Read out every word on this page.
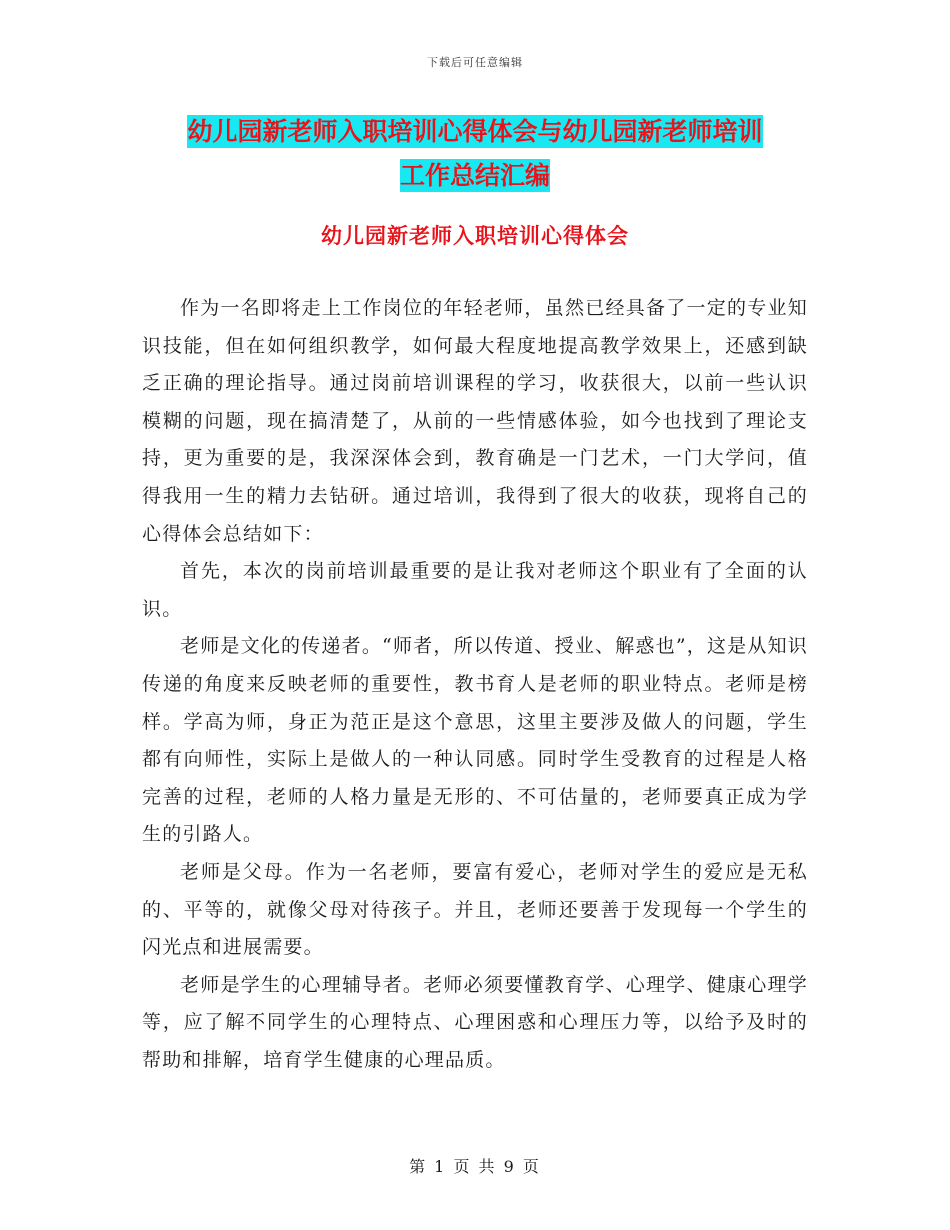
下载后可任意编辑
幼儿园新老师入职培训心得体会与幼儿园新老师培训
工作总结汇编
幼儿园新老师入职培训心得体会

作为一名即将走上工作岗位的年轻老师，虽然已经具备了一定的专业知识技能，但在如何组织教学，如何最大程度地提高教学效果上，还感到缺乏正确的理论指导。通过岗前培训课程的学习，收获很大，以前一些认识模糊的问题，现在搞清楚了，从前的一些情感体验，如今也找到了理论支持，更为重要的是，我深深体会到，教育确是一门艺术，一门大学问，值得我用一生的精力去钻研。通过培训，我得到了很大的收获，现将自己的心得体会总结如下：

首先，本次的岗前培训最重要的是让我对老师这个职业有了全面的认识。

老师是文化的传递者。“师者，所以传道、授业、解惑也”，这是从知识传递的角度来反映老师的重要性，教书育人是老师的职业特点。老师是榜样。学高为师，身正为范正是这个意思，这里主要涉及做人的问题，学生都有向师性，实际上是做人的一种认同感。同时学生受教育的过程是人格完善的过程，老师的人格力量是无形的、不可估量的，老师要真正成为学生的引路人。

老师是父母。作为一名老师，要富有爱心，老师对学生的爱应是无私的、平等的，就像父母对待孩子。并且，老师还要善于发现每一个学生的闪光点和进展需要。

老师是学生的心理辅导者。老师必须要懂教育学、心理学、健康心理学等，应了解不同学生的心理特点、心理困惑和心理压力等，以给予及时的帮助和排解，培育学生健康的心理品质。

第 1 页 共 9 页
